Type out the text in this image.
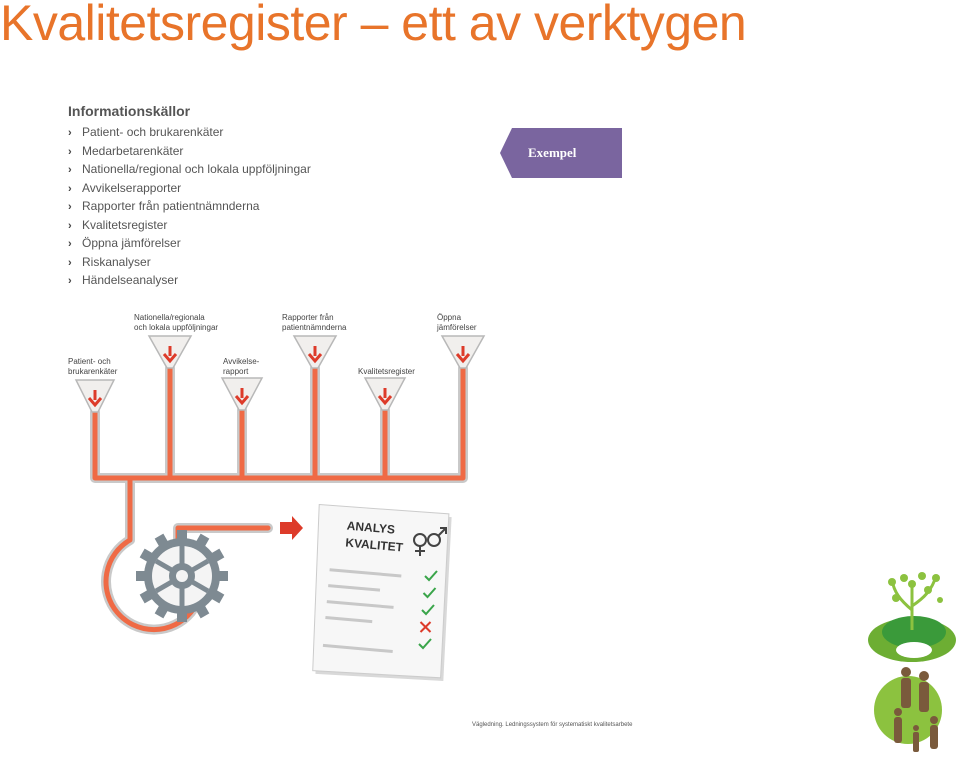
Kvalitetsregister – ett av verktygen
Informationskällor
› Patient- och brukarenkäter
› Medarbetarenkäter
› Nationella/regional och lokala uppföljningar
› Avvikelserapporter
› Rapporter från patientnämnderna
› Kvalitetsregister
› Öppna jämförelser
› Riskanalyser
› Händelseanalyser
Exempel
Patient- och
brukarenkäter
Nationella/regionala
och lokala uppföljningar
Avvikelse-
rapport
Rapporter från
patientnämnderna
Kvalitetsregister
Öppna
jämförelser
ANALYS
KVALITET
Vägledning. Ledningssystem för systematiskt kvalitetsarbete
